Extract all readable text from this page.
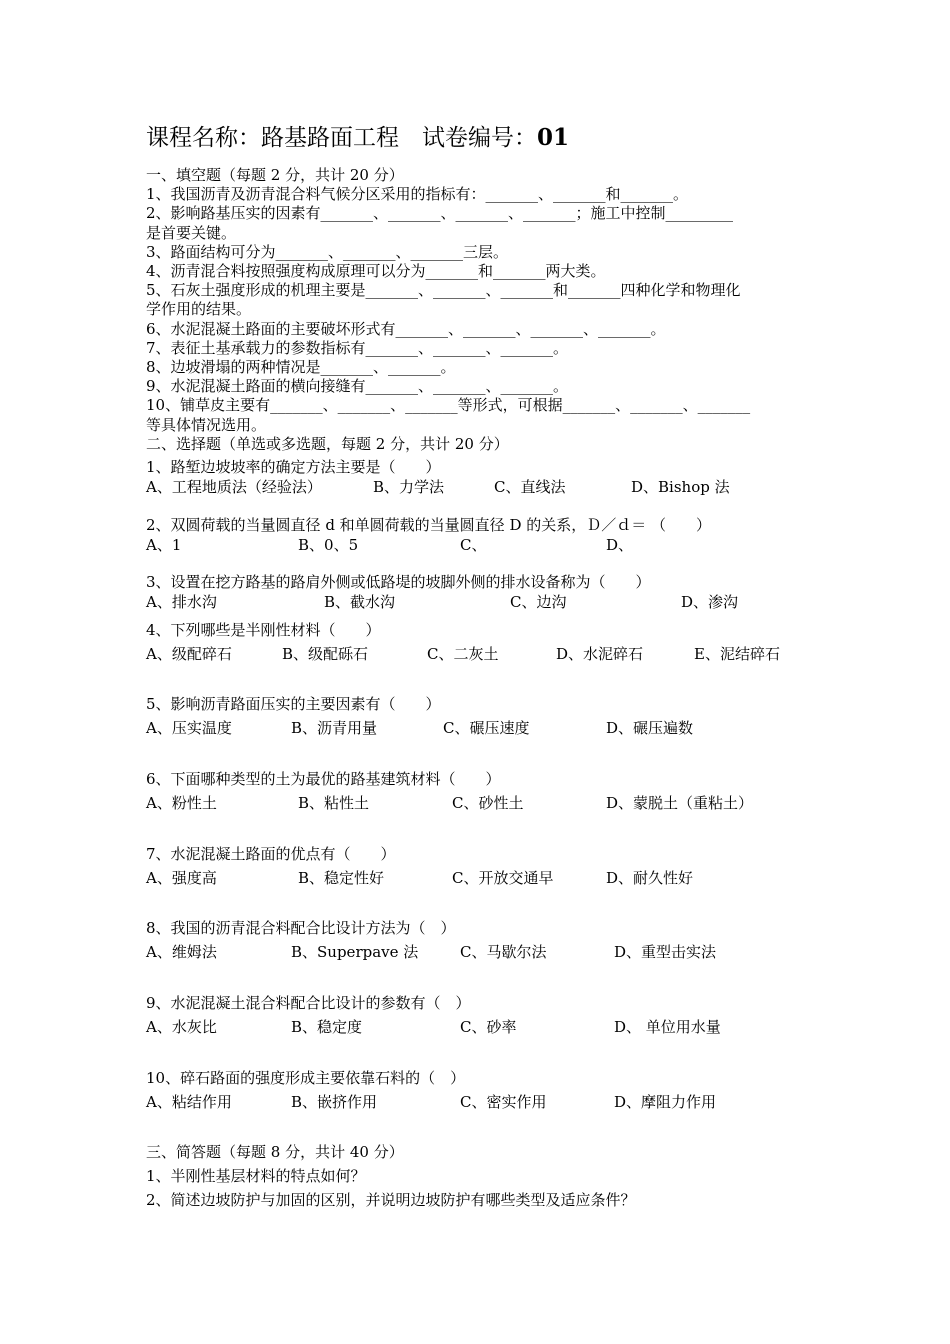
课程名称：路基路面工程　试卷编号：01
一、填空题（每题 2 分，共计 20 分）
1、我国沥青及沥青混合料气候分区采用的指标有：_______、_______和_______。
2、影响路基压实的因素有_______、_______、_______、_______；施工中控制_________
是首要关键。
3、路面结构可分为_______、_______、_______三层。
4、沥青混合料按照强度构成原理可以分为_______和_______两大类。
5、石灰土强度形成的机理主要是_______、_______、_______和_______四种化学和物理化
学作用的结果。
6、水泥混凝土路面的主要破坏形式有_______、_______、_______、_______。
7、表征土基承载力的参数指标有_______、_______、_______。
8、边坡滑塌的两种情况是_______、_______。
9、水泥混凝土路面的横向接缝有_______、_______、_______。
10、铺草皮主要有_______、_______、_______等形式，可根据_______、_______、_______
等具体情况选用。
二、选择题（单选或多选题，每题 2 分，共计 20 分）
1、路堑边坡坡率的确定方法主要是（　　）
A、工程地质法（经验法）	B、力学法	C、直线法	D、Bishop 法
2、双圆荷载的当量圆直径 d 和单圆荷载的当量圆直径 D 的关系，Ｄ／ｄ＝ （　　）
A、1	B、0、5	C、	D、
3、设置在挖方路基的路肩外侧或低路堤的坡脚外侧的排水设备称为（　　）
A、排水沟	B、截水沟	C、边沟	D、渗沟
4、下列哪些是半刚性材料（　　）
A、级配碎石	B、级配砾石	C、二灰土	D、水泥碎石	E、泥结碎石
5、影响沥青路面压实的主要因素有（　　）
A、压实温度	B、沥青用量	C、碾压速度	D、碾压遍数
6、下面哪种类型的土为最优的路基建筑材料（　　）
A、粉性土	B、粘性土	C、砂性土	D、蒙脱土（重粘土）
7、水泥混凝土路面的优点有（　　）
A、强度高	B、稳定性好	C、开放交通早	D、耐久性好
8、我国的沥青混合料配合比设计方法为（　）
A、维姆法	B、Superpave 法	C、马歇尔法	D、重型击实法
9、水泥混凝土混合料配合比设计的参数有（　）
A、水灰比	B、稳定度	C、砂率	D、 单位用水量
10、碎石路面的强度形成主要依靠石料的（　）
A、粘结作用	B、嵌挤作用	C、密实作用	D、摩阻力作用
三、简答题（每题 8 分，共计 40 分）
1、半刚性基层材料的特点如何？
2、简述边坡防护与加固的区别，并说明边坡防护有哪些类型及适应条件？
